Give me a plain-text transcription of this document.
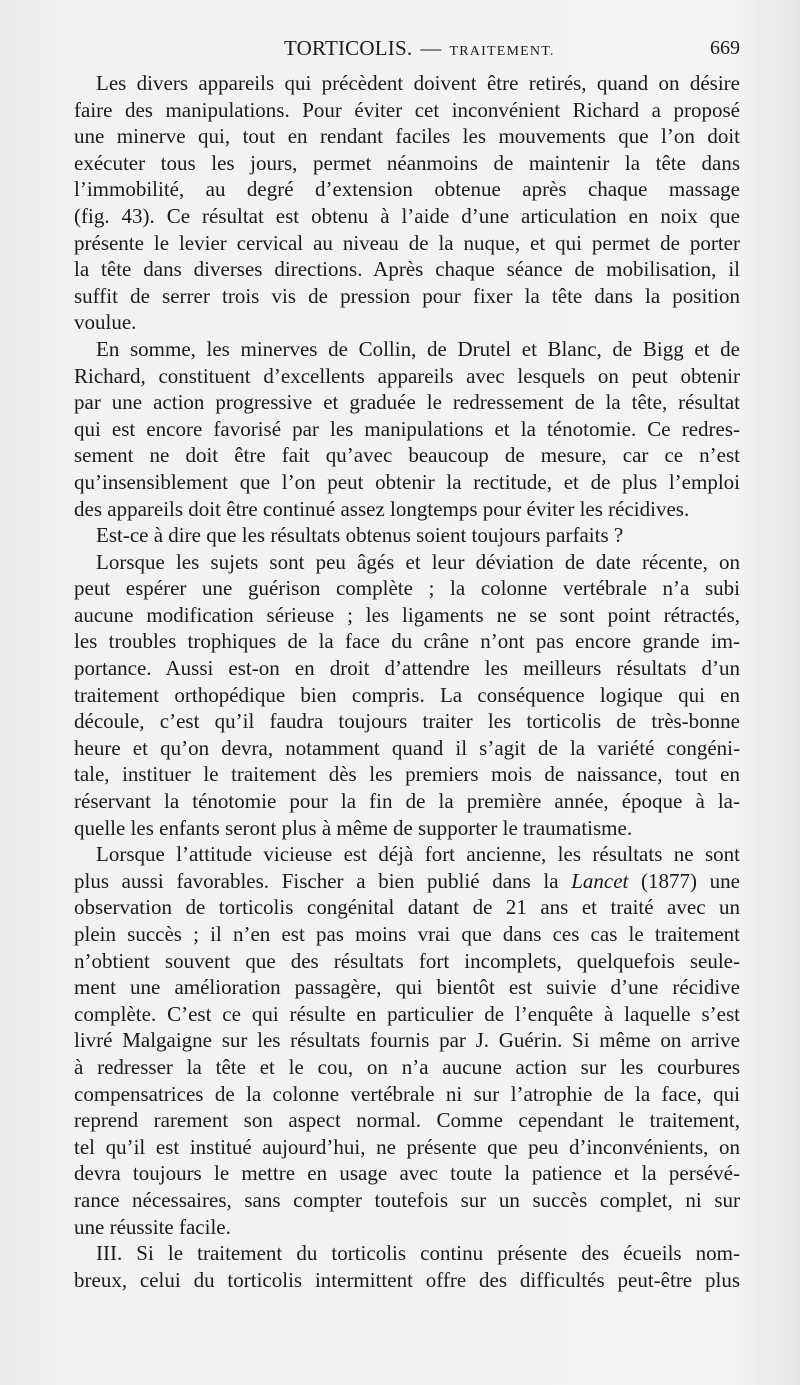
TORTICOLIS. — TRAITEMENT.	669
Les divers appareils qui précèdent doivent être retirés, quand on désire
faire des manipulations. Pour éviter cet inconvénient Richard a proposé
une minerve qui, tout en rendant faciles les mouvements que l’on doit
exécuter tous les jours, permet néanmoins de maintenir la tête dans
l’immobilité, au degré d’extension obtenue après chaque massage
(fig. 43). Ce résultat est obtenu à l’aide d’une articulation en noix que
présente le levier cervical au niveau de la nuque, et qui permet de porter
la tête dans diverses directions. Après chaque séance de mobilisation, il
suffit de serrer trois vis de pression pour fixer la tête dans la position
voulue.
En somme, les minerves de Collin, de Drutel et Blanc, de Bigg et de
Richard, constituent d’excellents appareils avec lesquels on peut obtenir
par une action progressive et graduée le redressement de la tête, résultat
qui est encore favorisé par les manipulations et la ténotomie. Ce redres-
sement ne doit être fait qu’avec beaucoup de mesure, car ce n’est
qu’insensiblement que l’on peut obtenir la rectitude, et de plus l’emploi
des appareils doit être continué assez longtemps pour éviter les récidives.
Est-ce à dire que les résultats obtenus soient toujours parfaits ?
Lorsque les sujets sont peu âgés et leur déviation de date récente, on
peut espérer une guérison complète ; la colonne vertébrale n’a subi
aucune modification sérieuse ; les ligaments ne se sont point rétractés,
les troubles trophiques de la face du crâne n’ont pas encore grande im-
portance. Aussi est-on en droit d’attendre les meilleurs résultats d’un
traitement orthopédique bien compris. La conséquence logique qui en
découle, c’est qu’il faudra toujours traiter les torticolis de très-bonne
heure et qu’on devra, notamment quand il s’agit de la variété congéni-
tale, instituer le traitement dès les premiers mois de naissance, tout en
réservant la ténotomie pour la fin de la première année, époque à la-
quelle les enfants seront plus à même de supporter le traumatisme.
Lorsque l’attitude vicieuse est déjà fort ancienne, les résultats ne sont
plus aussi favorables. Fischer a bien publié dans la Lancet (1877) une
observation de torticolis congénital datant de 21 ans et traité avec un
plein succès ; il n’en est pas moins vrai que dans ces cas le traitement
n’obtient souvent que des résultats fort incomplets, quelquefois seule-
ment une amélioration passagère, qui bientôt est suivie d’une récidive
complète. C’est ce qui résulte en particulier de l’enquête à laquelle s’est
livré Malgaigne sur les résultats fournis par J. Guérin. Si même on arrive
à redresser la tête et le cou, on n’a aucune action sur les courbures
compensatrices de la colonne vertébrale ni sur l’atrophie de la face, qui
reprend rarement son aspect normal. Comme cependant le traitement,
tel qu’il est institué aujourd’hui, ne présente que peu d’inconvénients, on
devra toujours le mettre en usage avec toute la patience et la persévé-
rance nécessaires, sans compter toutefois sur un succès complet, ni sur
une réussite facile.
III. Si le traitement du torticolis continu présente des écueils nom-
breux, celui du torticolis intermittent offre des difficultés peut-être plus
